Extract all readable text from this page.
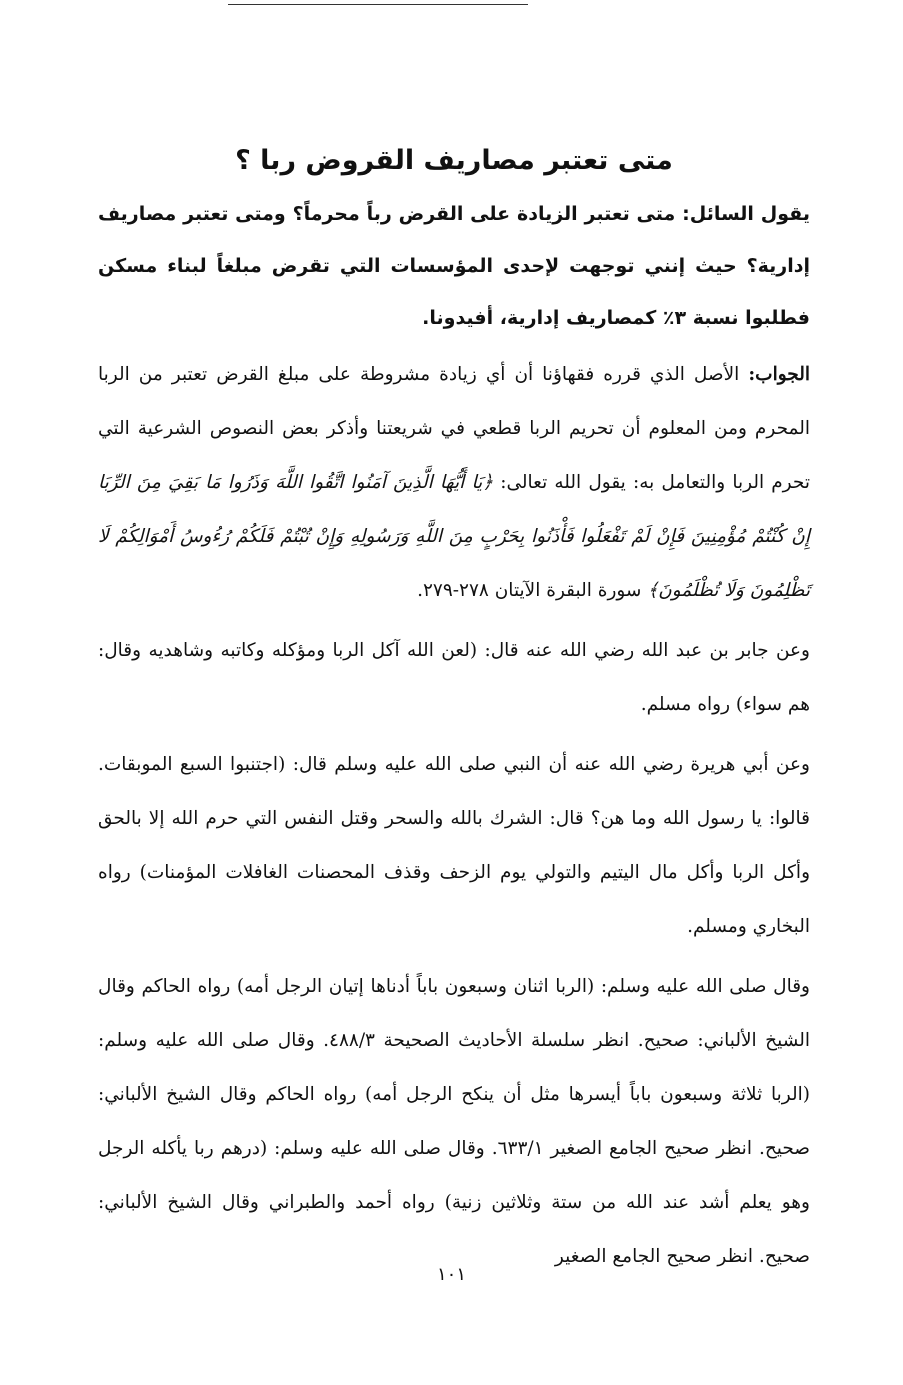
متى تعتبر مصاريف القروض ربا ؟

يقول السائل: متى تعتبر الزيادة على القرض رباً محرماً؟ ومتى تعتبر مصاريف إدارية؟ حيث إنني توجهت لإحدى المؤسسات التي تقرض مبلغاً لبناء مسكن فطلبوا نسبة ٣٪ كمصاريف إدارية، أفيدونا.

الجواب: الأصل الذي قرره فقهاؤنا أن أي زيادة مشروطة على مبلغ القرض تعتبر من الربا المحرم ومن المعلوم أن تحريم الربا قطعي في شريعتنا وأذكر بعض النصوص الشرعية التي تحرم الربا والتعامل به: يقول الله تعالى: ﴿يَا أَيُّهَا الَّذِينَ آمَنُوا اتَّقُوا اللَّهَ وَذَرُوا مَا بَقِيَ مِنَ الرِّبَا إِنْ كُنْتُمْ مُؤْمِنِينَ فَإِنْ لَمْ تَفْعَلُوا فَأْذَنُوا بِحَرْبٍ مِنَ اللَّهِ وَرَسُولِهِ وَإِنْ تُبْتُمْ فَلَكُمْ رُءُوسُ أَمْوَالِكُمْ لَا تَظْلِمُونَ وَلَا تُظْلَمُونَ﴾ سورة البقرة الآيتان ٢٧٨-٢٧٩.

وعن جابر بن عبد الله رضي الله عنه قال: (لعن الله آكل الربا ومؤكله وكاتبه وشاهديه وقال: هم سواء) رواه مسلم.

وعن أبي هريرة رضي الله عنه أن النبي صلى الله عليه وسلم قال: (اجتنبوا السبع الموبقات. قالوا: يا رسول الله وما هن؟ قال: الشرك بالله والسحر وقتل النفس التي حرم الله إلا بالحق وأكل الربا وأكل مال اليتيم والتولي يوم الزحف وقذف المحصنات الغافلات المؤمنات) رواه البخاري ومسلم.

وقال صلى الله عليه وسلم: (الربا اثنان وسبعون باباً أدناها إتيان الرجل أمه) رواه الحاكم وقال الشيخ الألباني: صحيح. انظر سلسلة الأحاديث الصحيحة ٤٨٨/٣. وقال صلى الله عليه وسلم: (الربا ثلاثة وسبعون باباً أيسرها مثل أن ينكح الرجل أمه) رواه الحاكم وقال الشيخ الألباني: صحيح. انظر صحيح الجامع الصغير ٦٣٣/١. وقال صلى الله عليه وسلم: (درهم ربا يأكله الرجل وهو يعلم أشد عند الله من ستة وثلاثين زنية) رواه أحمد والطبراني وقال الشيخ الألباني: صحيح. انظر صحيح الجامع الصغير

١٠١
